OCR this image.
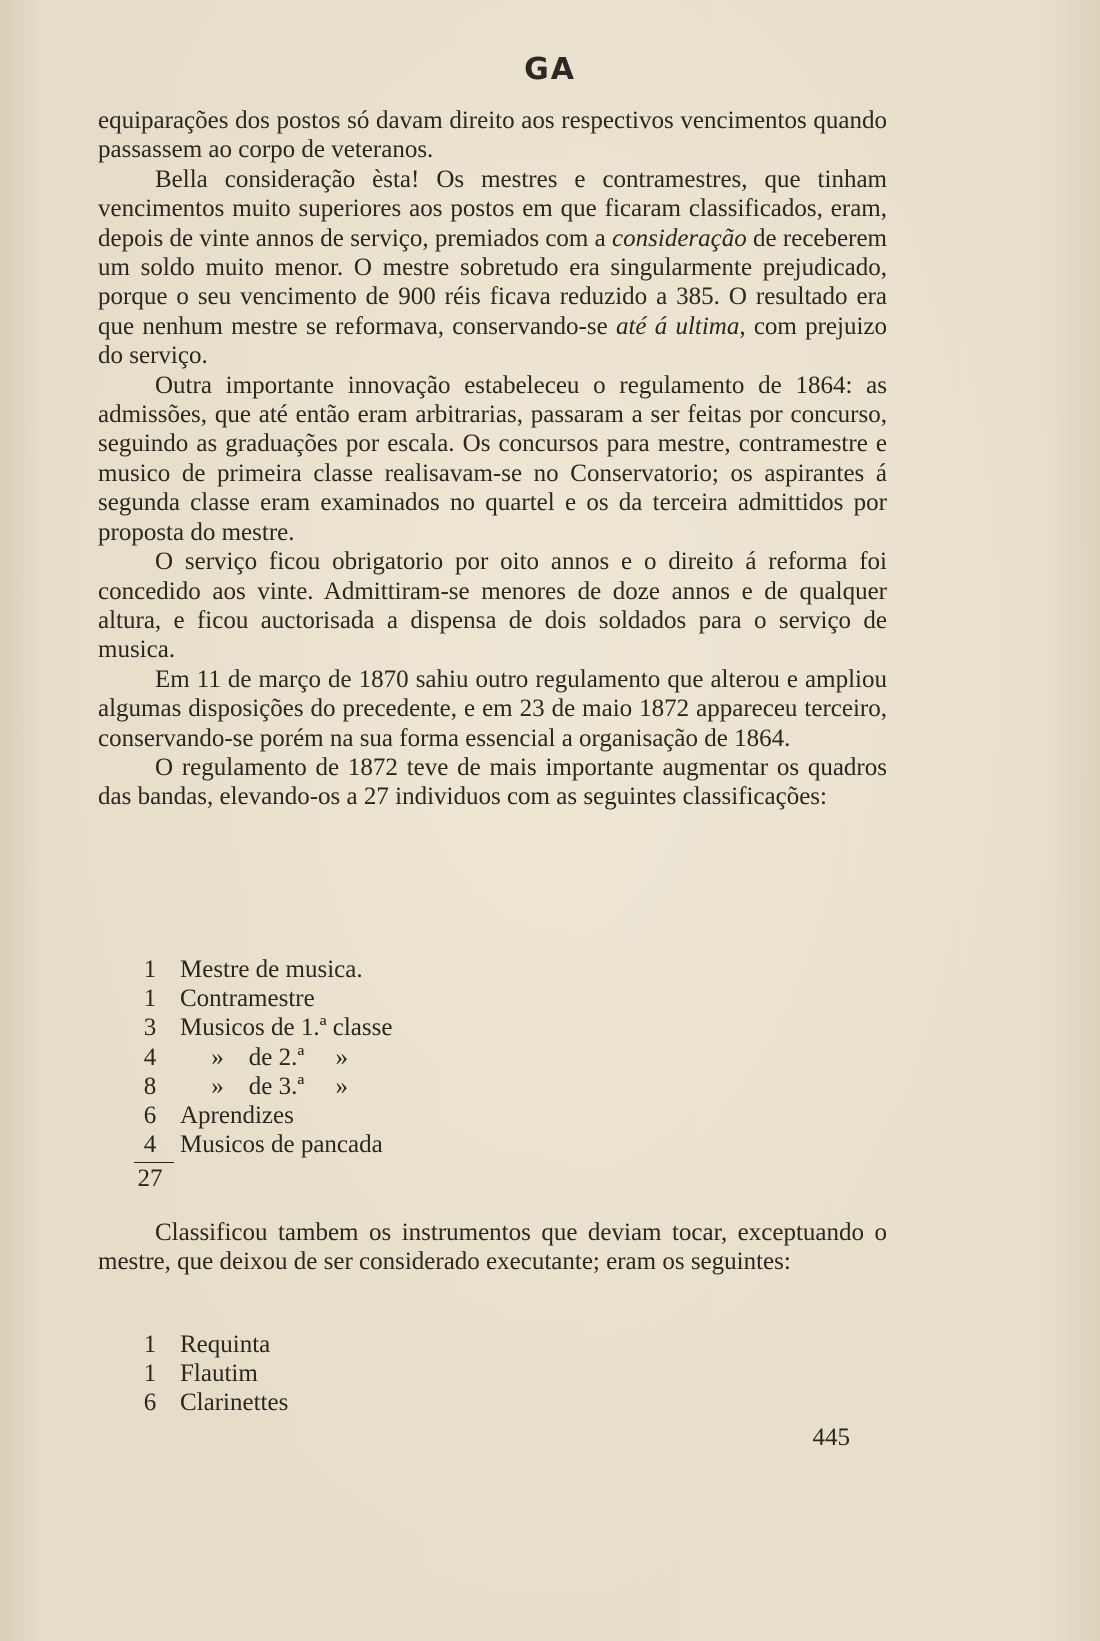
GA

equiparações dos postos só davam direito aos respectivos vencimentos quando passassem ao corpo de veteranos.

Bella consideração èsta! Os mestres e contramestres, que tinham vencimentos muito superiores aos postos em que ficaram classificados, eram, depois de vinte annos de serviço, premiados com a consideração de receberem um soldo muito menor. O mestre sobretudo era singularmente prejudicado, porque o seu vencimento de 900 réis ficava reduzido a 385. O resultado era que nenhum mestre se reformava, conservando-se até á ultima, com prejuizo do serviço.

Outra importante innovação estabeleceu o regulamento de 1864: as admissões, que até então eram arbitrarias, passaram a ser feitas por concurso, seguindo as graduações por escala. Os concursos para mestre, contramestre e musico de primeira classe realisavam-se no Conservatorio; os aspirantes á segunda classe eram examinados no quartel e os da terceira admittidos por proposta do mestre.

O serviço ficou obrigatorio por oito annos e o direito á reforma foi concedido aos vinte. Admittiram-se menores de doze annos e de qualquer altura, e ficou auctorisada a dispensa de dois soldados para o serviço de musica.

Em 11 de março de 1870 sahiu outro regulamento que alterou e ampliou algumas disposições do precedente, e em 23 de maio 1872 appareceu terceiro, conservando-se porém na sua forma essencial a organisação de 1864.

O regulamento de 1872 teve de mais importante augmentar os quadros das bandas, elevando-os a 27 individuos com as seguintes classificações:

1 Mestre de musica.
1 Contramestre
3 Musicos de 1.ª classe
4 »    de 2.ª     »
8 »    de 3.ª     »
6 Aprendizes
4 Musicos de pancada
27

Classificou tambem os instrumentos que deviam tocar, exceptuando o mestre, que deixou de ser considerado executante; eram os seguintes:

1 Requinta
1 Flautim
6 Clarinettes
445
